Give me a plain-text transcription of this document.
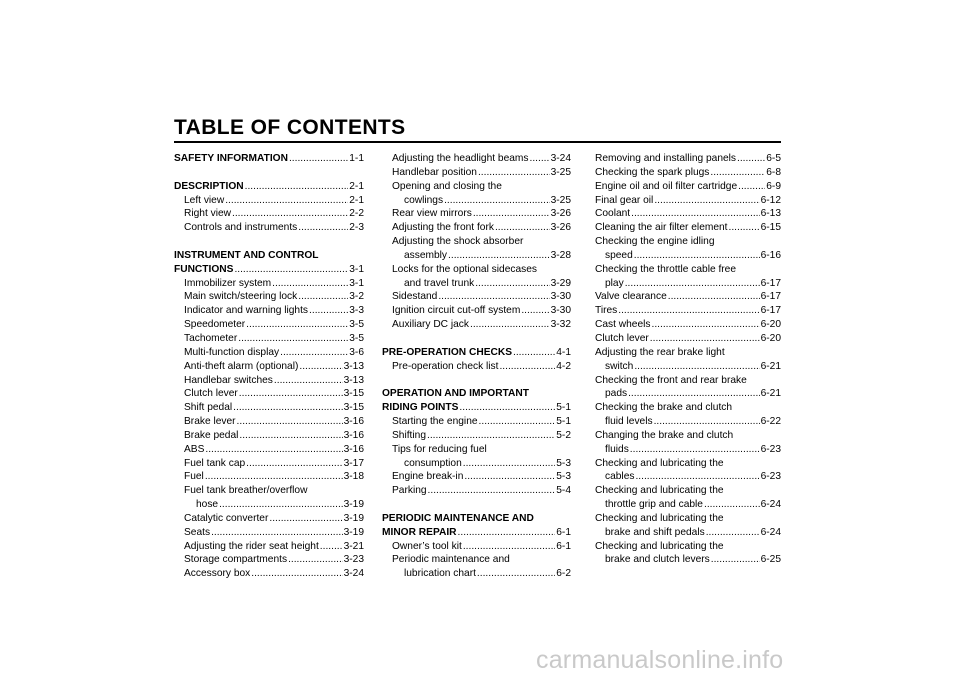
TABLE OF CONTENTS
SAFETY INFORMATION .....	1-1
DESCRIPTION .....	2-1
Left view .....	2-1
Right view .....	2-2
Controls and instruments .....	2-3
INSTRUMENT AND CONTROL
FUNCTIONS .....	3-1
Immobilizer system .....	3-1
Main switch/steering lock .....	3-2
Indicator and warning lights .....	3-3
Speedometer .....	3-5
Tachometer .....	3-5
Multi-function display .....	3-6
Anti-theft alarm (optional) .....	3-13
Handlebar switches .....	3-13
Clutch lever .....	3-15
Shift pedal .....	3-15
Brake lever .....	3-16
Brake pedal .....	3-16
ABS .....	3-16
Fuel tank cap .....	3-17
Fuel .....	3-18
Fuel tank breather/overflow
hose .....	3-19
Catalytic converter .....	3-19
Seats .....	3-19
Adjusting the rider seat height ..... 3-21
Storage compartments .....	3-23
Accessory box .....	3-24
Adjusting the headlight beams ..... 3-24
Handlebar position .....	3-25
Opening and closing the
cowlings .....	3-25
Rear view mirrors .....	3-26
Adjusting the front fork .....	3-26
Adjusting the shock absorber
assembly .....	3-28
Locks for the optional sidecases
and travel trunk .....	3-29
Sidestand .....	3-30
Ignition circuit cut-off system .....	3-30
Auxiliary DC jack .....	3-32
PRE-OPERATION CHECKS .....	4-1
Pre-operation check list .....	4-2
OPERATION AND IMPORTANT
RIDING POINTS .....	5-1
Starting the engine .....	5-1
Shifting .....	5-2
Tips for reducing fuel
consumption .....	5-3
Engine break-in .....	5-3
Parking .....	5-4
PERIODIC MAINTENANCE AND
MINOR REPAIR .....	6-1
Owner’s tool kit .....	6-1
Periodic maintenance and
lubrication chart .....	6-2
Removing and installing panels .....	6-5
Checking the spark plugs .....	6-8
Engine oil and oil filter cartridge .....	6-9
Final gear oil .....	6-12
Coolant .....	6-13
Cleaning the air filter element .....	6-15
Checking the engine idling
speed .....	6-16
Checking the throttle cable free
play .....	6-17
Valve clearance .....	6-17
Tires .....	6-17
Cast wheels .....	6-20
Clutch lever .....	6-20
Adjusting the rear brake light
switch .....	6-21
Checking the front and rear brake
pads .....	6-21
Checking the brake and clutch
fluid levels .....	6-22
Changing the brake and clutch
fluids .....	6-23
Checking and lubricating the
cables .....	6-23
Checking and lubricating the
throttle grip and cable .....	6-24
Checking and lubricating the
brake and shift pedals .....	6-24
Checking and lubricating the
brake and clutch levers .....	6-25
carmanualsonline.info
